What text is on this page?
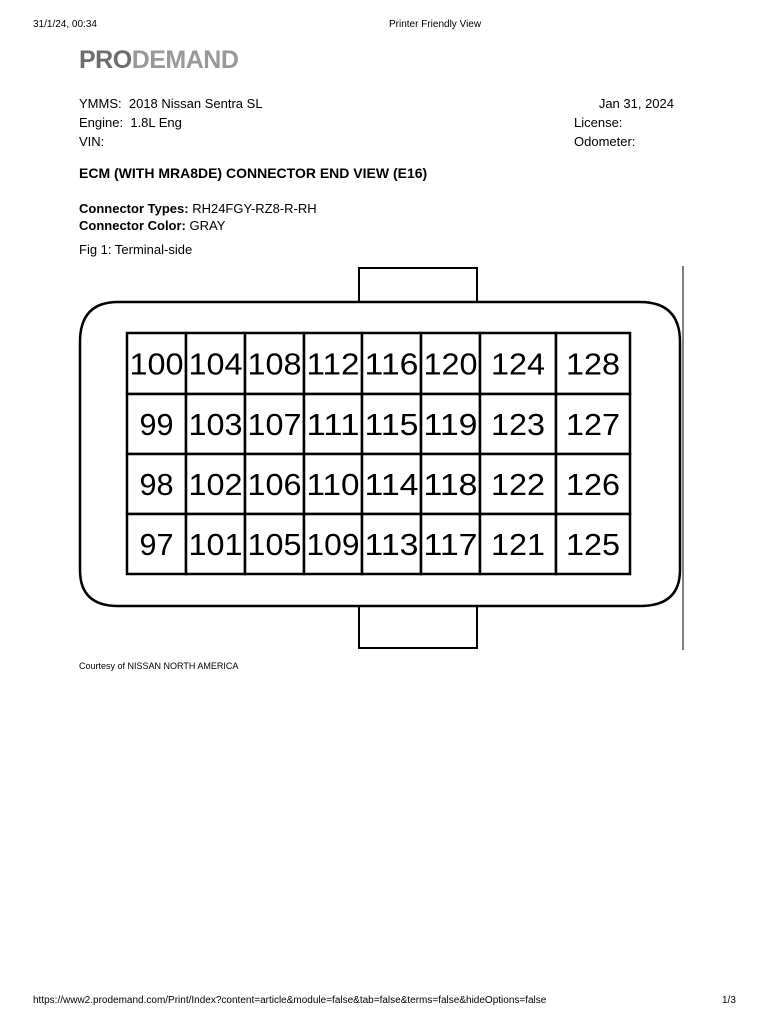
31/1/24, 00:34	Printer Friendly View
PRODEMAND
YMMS: 2018 Nissan Sentra SL
Engine: 1.8L Eng
VIN:
Jan 31, 2024
License:
Odometer:
ECM (WITH MRA8DE) CONNECTOR END VIEW (E16)
Connector Types: RH24FGY-RZ8-R-RH
Connector Color: GRAY
Fig 1: Terminal-side
100 104 108 112 116 120 124 128
99 103 107 111 115 119 123 127
98 102 106 110 114 118 122 126
97 101 105 109 113 117 121 125
Courtesy of NISSAN NORTH AMERICA
https://www2.prodemand.com/Print/Index?content=article&module=false&tab=false&terms=false&hideOptions=false	1/3
